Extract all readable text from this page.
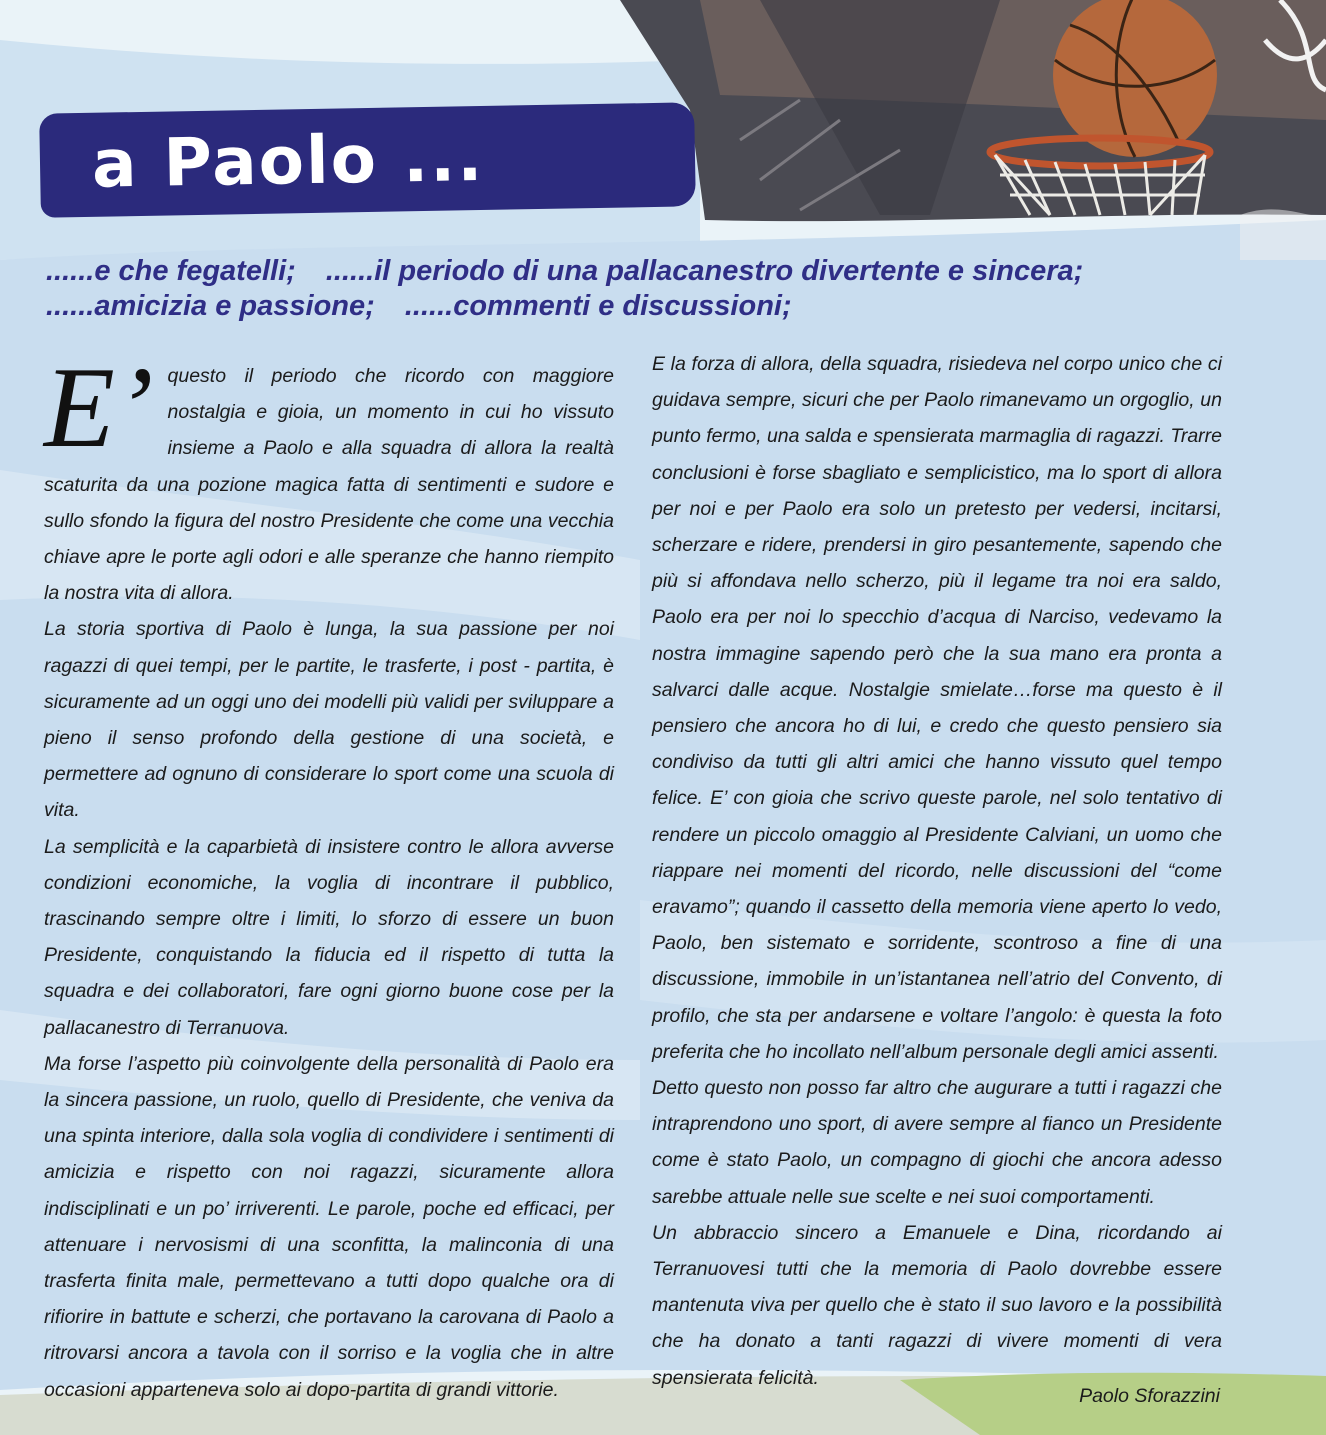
a Paolo ...
......e che fegatelli; ......il periodo di una pallacanestro divertente e sincera;
......amicizia e passione; ......commenti e discussioni;

E’ questo il periodo che ricordo con maggiore nostalgia e gioia, un momento in cui ho vissuto insieme a Paolo e alla squadra di allora la realtà scaturita da una pozione magica fatta di sentimenti e sudore e sullo sfondo la figura del nostro Presidente che come una vecchia chiave apre le porte agli odori e alle speranze che hanno riempito la nostra vita di allora.

La storia sportiva di Paolo è lunga, la sua passione per noi ragazzi di quei tempi, per le partite, le trasferte, i post - partita, è sicuramente ad un oggi uno dei modelli più validi per sviluppare a pieno il senso profondo della gestione di una società, e permettere ad ognuno di considerare lo sport come una scuola di vita.

La semplicità e la caparbietà di insistere contro le allora avverse condizioni economiche, la voglia di incontrare il pubblico, trascinando sempre oltre i limiti, lo sforzo di essere un buon Presidente, conquistando la fiducia ed il rispetto di tutta la squadra e dei collaboratori, fare ogni giorno buone cose per la pallacanestro di Terranuova.

Ma forse l’aspetto più coinvolgente della personalità di Paolo era la sincera passione, un ruolo, quello di Presidente, che veniva da una spinta interiore, dalla sola voglia di condividere i sentimenti di amicizia e rispetto con noi ragazzi, sicuramente allora indisciplinati e un po’ irriverenti. Le parole, poche ed efficaci, per attenuare i nervosismi di una sconfitta, la malinconia di una trasferta finita male, permettevano a tutti dopo qualche ora di rifiorire in battute e scherzi, che portavano la carovana di Paolo a ritrovarsi ancora a tavola con il sorriso e la voglia che in altre occasioni apparteneva solo ai dopo-partita di grandi vittorie.

E la forza di allora, della squadra, risiedeva nel corpo unico che ci guidava sempre, sicuri che per Paolo rimanevamo un orgoglio, un punto fermo, una salda e spensierata marmaglia di ragazzi. Trarre conclusioni è forse sbagliato e semplicistico, ma lo sport di allora per noi e per Paolo era solo un pretesto per vedersi, incitarsi, scherzare e ridere, prendersi in giro pesantemente, sapendo che più si affondava nello scherzo, più il legame tra noi era saldo, Paolo era per noi lo specchio d’acqua di Narciso, vedevamo la nostra immagine sapendo però che la sua mano era pronta a salvarci dalle acque. Nostalgie smielate…forse ma questo è il pensiero che ancora ho di lui, e credo che questo pensiero sia condiviso da tutti gli altri amici che hanno vissuto quel tempo felice. E’ con gioia che scrivo queste parole, nel solo tentativo di rendere un piccolo omaggio al Presidente Calviani, un uomo che riappare nei momenti del ricordo, nelle discussioni del “come eravamo”; quando il cassetto della memoria viene aperto lo vedo, Paolo, ben sistemato e sorridente, scontroso a fine di una discussione, immobile in un’istantanea nell’atrio del Convento, di profilo, che sta per andarsene e voltare l’angolo: è questa la foto preferita che ho incollato nell’album personale degli amici assenti.

Detto questo non posso far altro che augurare a tutti i ragazzi che intraprendono uno sport, di avere sempre al fianco un Presidente come è stato Paolo, un compagno di giochi che ancora adesso sarebbe attuale nelle sue scelte e nei suoi comportamenti.

Un abbraccio sincero a Emanuele e Dina, ricordando ai Terranuovesi tutti che la memoria di Paolo dovrebbe essere mantenuta viva per quello che è stato il suo lavoro e la possibilità che ha donato a tanti ragazzi di vivere momenti di vera spensierata felicità.

Paolo Sforazzini
